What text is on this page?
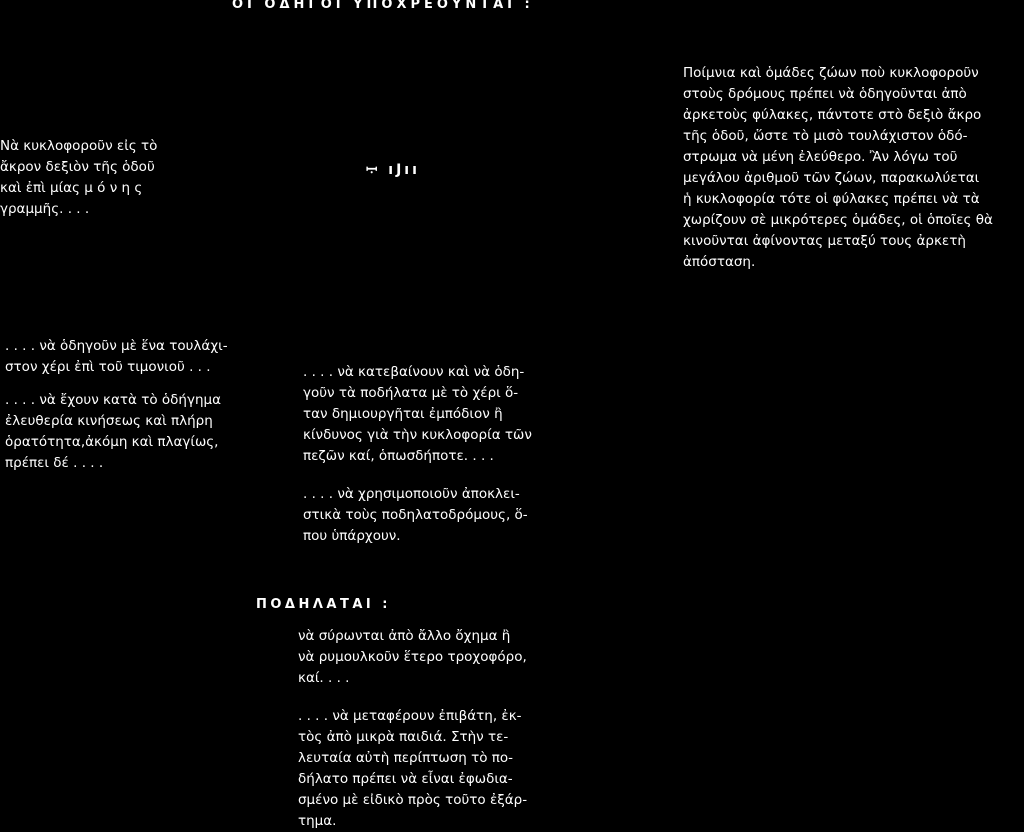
ΟΙ ΟΔΗΓΟΙ ΥΠΟΧΡΕΟΥΝΤΑΙ :
Νὰ κυκλοφοροῦν εἰς τὸ
ἄκρον δεξιὸν τῆς ὁδοῦ
καὶ ἐπὶ μίας μ ό ν η ς
γραμμῆς. . . .
ꟷ̣ ıJıı
Ποίμνια καὶ ὁμάδες ζώων ποὺ κυκλοφοροῦν
στοὺς δρόμους πρέπει νὰ ὁδηγοῦνται ἀπὸ
ἀρκετοὺς φύλακες, πάντοτε στὸ δεξιὸ ἄκρο
τῆς ὁδοῦ, ὥστε τὸ μισὸ τουλάχιστον ὁδό-
στρωμα νὰ μένη ἐλεύθερο. Ἂν λόγω τοῦ
μεγάλου ἀριθμοῦ τῶν ζώων, παρακωλύεται
ἡ κυκλοφορία τότε οἱ φύλακες πρέπει νὰ τὰ
χωρίζουν σὲ μικρότερες ὁμάδες, οἱ ὁποῖες θὰ
κινοῦνται ἀφίνοντας μεταξύ τους ἀρκετὴ
ἀπόσταση.
. . . . νὰ ὁδηγοῦν μὲ ἕνα τουλάχι-
στον χέρι ἐπὶ τοῦ τιμονιοῦ . . .
. . . . νὰ ἔχουν κατὰ τὸ ὁδήγημα
ἐλευθερία κινήσεως καὶ πλήρη
ὁρατότητα,ἀκόμη καὶ πλαγίως,
πρέπει δέ . . . .
. . . . νὰ κατεβαίνουν καὶ νὰ ὁδη-
γοῦν τὰ ποδήλατα μὲ τὸ χέρι ὅ-
ταν δημιουργῆται ἐμπόδιον ἢ
κίνδυνος γιὰ τὴν κυκλοφορία τῶν
πεζῶν καί, ὁπωσδήποτε. . . .
. . . . νὰ χρησιμοποιοῦν ἀποκλει-
στικὰ τοὺς ποδηλατοδρόμους, ὅ-
που ὑπάρχουν.
ΠΟΔΗΛΑΤΑΙ :
νὰ σύρωνται ἀπὸ ἄλλο ὄχημα ἢ
νὰ ρυμουλκοῦν ἕτερο τροχοφόρο,
καί. . . .
. . . . νὰ μεταφέρουν ἐπιβάτη, ἐκ-
τὸς ἀπὸ μικρὰ παιδιά. Στὴν τε-
λευταία αὐτὴ περίπτωση τὸ πο-
δήλατο πρέπει νὰ εἶναι ἐφωδια-
σμένο μὲ εἰδικὸ πρὸς τοῦτο ἐξάρ-
τημα.
